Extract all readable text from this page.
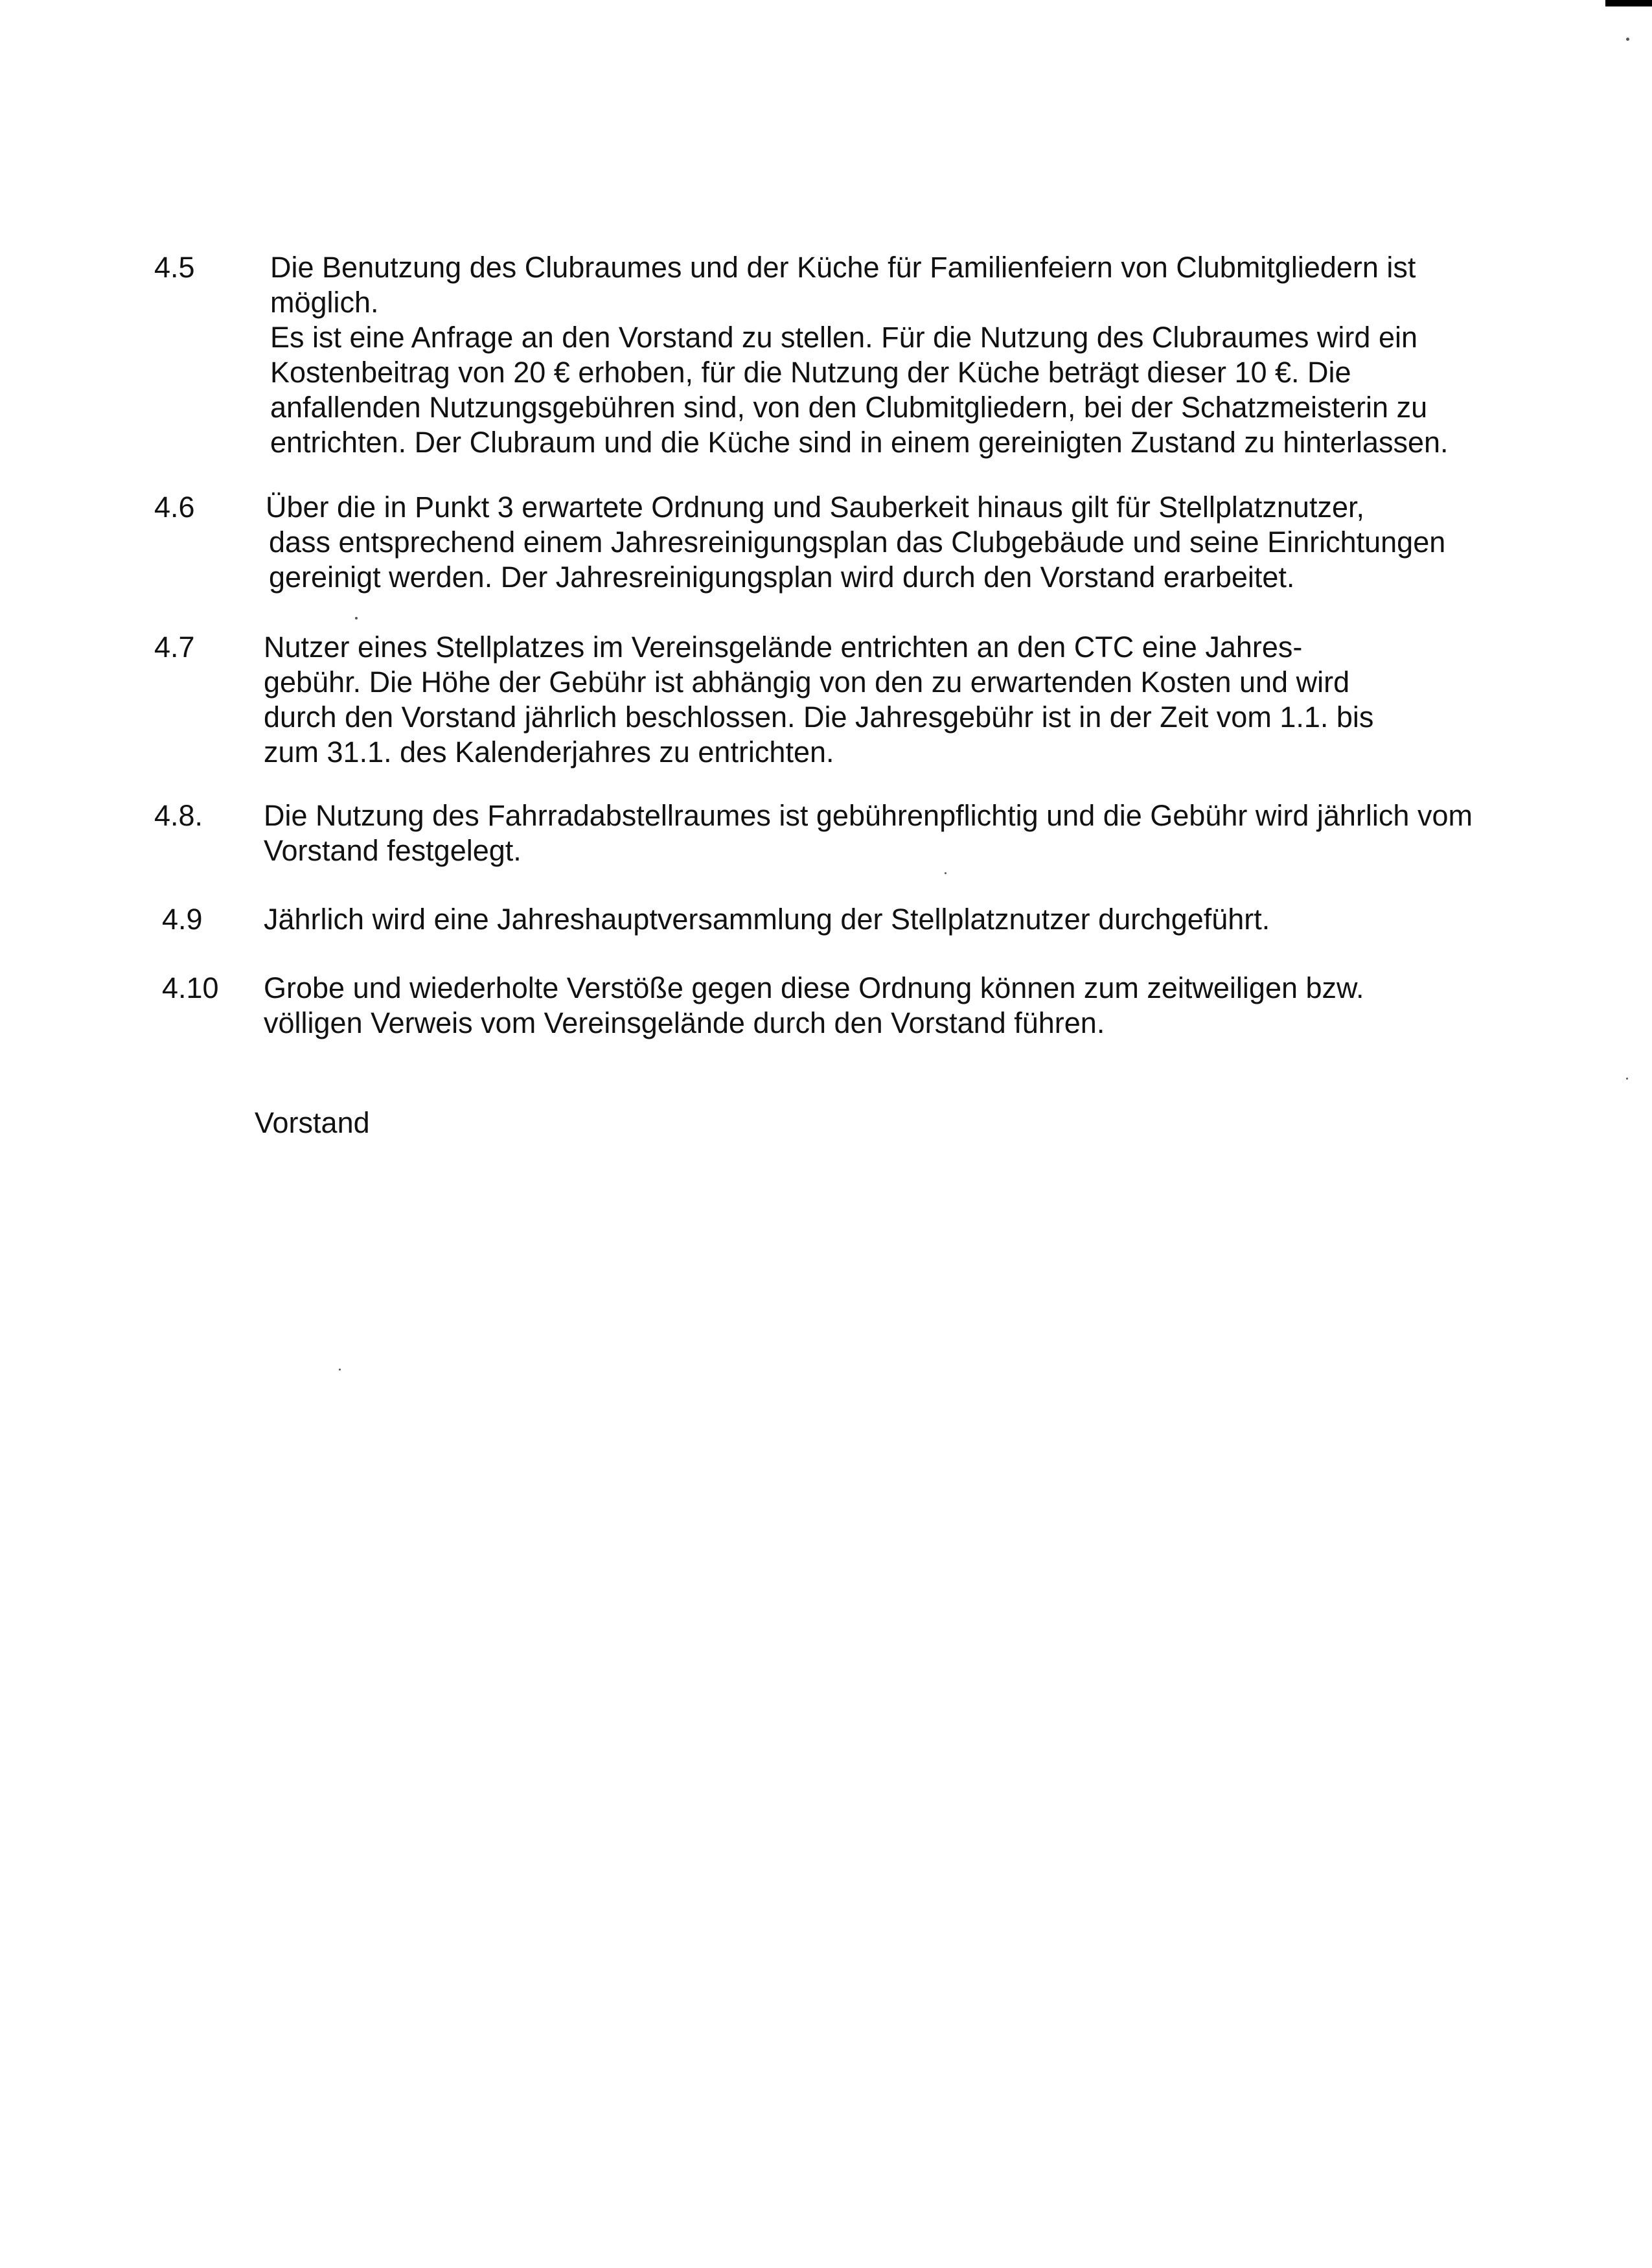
4.5	Die Benutzung des Clubraumes und der Küche für Familienfeiern von Clubmitgliedern ist
möglich.
Es ist eine Anfrage an den Vorstand zu stellen. Für die Nutzung des Clubraumes wird ein
Kostenbeitrag von 20 € erhoben, für die Nutzung der Küche beträgt dieser 10 €. Die
anfallenden Nutzungsgebühren sind, von den Clubmitgliedern, bei der Schatzmeisterin zu
entrichten. Der Clubraum und die Küche sind in einem gereinigten Zustand zu hinterlassen.
4.6 Über die in Punkt 3 erwartete Ordnung und Sauberkeit hinaus gilt für Stellplatznutzer,
dass entsprechend einem Jahresreinigungsplan das Clubgebäude und seine Einrichtungen
gereinigt werden. Der Jahresreinigungsplan wird durch den Vorstand erarbeitet.
4.7 Nutzer eines Stellplatzes im Vereinsgelände entrichten an den CTC eine Jahres-
gebühr. Die Höhe der Gebühr ist abhängig von den zu erwartenden Kosten und wird
durch den Vorstand jährlich beschlossen. Die Jahresgebühr ist in der Zeit vom 1.1. bis
zum 31.1. des Kalenderjahres zu entrichten.
4.8. Die Nutzung des Fahrradabstellraumes ist gebührenpflichtig und die Gebühr wird jährlich vom
Vorstand festgelegt.
4.9 Jährlich wird eine Jahreshauptversammlung der Stellplatznutzer durchgeführt.
4.10 Grobe und wiederholte Verstöße gegen diese Ordnung können zum zeitweiligen bzw.
völligen Verweis vom Vereinsgelände durch den Vorstand führen.
Vorstand
